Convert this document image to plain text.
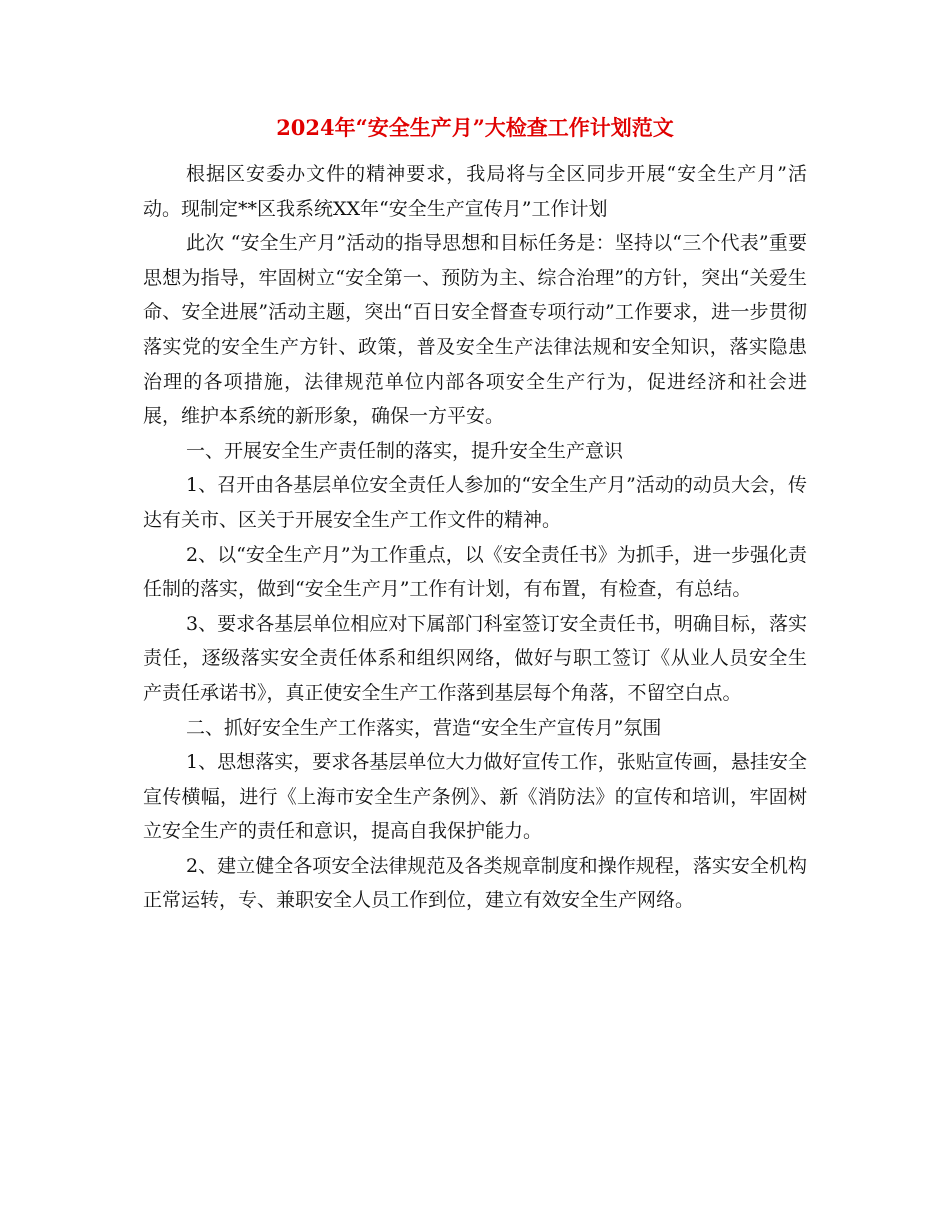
2024年“安全生产月”大检查工作计划范文

根据区安委办文件的精神要求，我局将与全区同步开展“安全生产月”活动。现制定**区我系统XX年“安全生产宣传月”工作计划

此次 “安全生产月”活动的指导思想和目标任务是：坚持以“三个代表”重要思想为指导，牢固树立“安全第一、预防为主、综合治理”的方针，突出“关爱生命、安全进展”活动主题，突出“百日安全督查专项行动”工作要求，进一步贯彻落实党的安全生产方针、政策，普及安全生产法律法规和安全知识，落实隐患治理的各项措施，法律规范单位内部各项安全生产行为，促进经济和社会进展，维护本系统的新形象，确保一方平安。

一、开展安全生产责任制的落实，提升安全生产意识

1、召开由各基层单位安全责任人参加的“安全生产月”活动的动员大会，传达有关市、区关于开展安全生产工作文件的精神。

2、以“安全生产月”为工作重点，以《安全责任书》为抓手，进一步强化责任制的落实，做到“安全生产月”工作有计划，有布置，有检查，有总结。

3、要求各基层单位相应对下属部门科室签订安全责任书，明确目标，落实责任，逐级落实安全责任体系和组织网络，做好与职工签订《从业人员安全生产责任承诺书》，真正使安全生产工作落到基层每个角落，不留空白点。

二、抓好安全生产工作落实，营造“安全生产宣传月”氛围

1、思想落实，要求各基层单位大力做好宣传工作，张贴宣传画，悬挂安全宣传横幅，进行《上海市安全生产条例》、新《消防法》的宣传和培训，牢固树立安全生产的责任和意识，提高自我保护能力。

2、建立健全各项安全法律规范及各类规章制度和操作规程，落实安全机构正常运转，专、兼职安全人员工作到位，建立有效安全生产网络。
